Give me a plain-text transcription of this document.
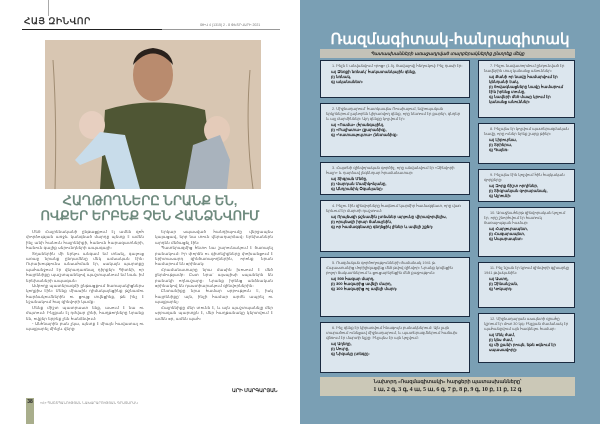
ՀԱՅ ԶԻՆՎՈՐ	ԹԻՎ 4 (1315) 2 - 8 ՓԵՏՐՎԱՐԻ 2021
ՀԱՂԹՈՂՆԵՐԸ ՆՐԱՆՔ ԵՆ,
ՈՎՔԵՐ ԵՐԲԵՔ ՉԵՆ ՀԱՆՁՆՎՈՒՄ

Մեծ Հայրենականի ընթացքում էլ ամեն զոհ փորձության առջև կանգնած մարդը պետք է ամեն ինչ անի հանուն հայրենիքի, հանուն հարազատների, հանուն գալիք սերունդների ապագայի։

Տղաներին մի երկու անգամ եմ տեսել, գալուց առաջ նրանք ընդամենը մեկ ամսական էին։ Ուրախությունս անսահման էր, սակայն պարտքը պահանջում էր վերադառնալ դիրքեր։ Գիտեի, որ հայրենիքը պաշտպանելով պաշտպանում եմ նաև իմ երեխաների ապագան։

Ամբողջ պատերազմի ընթացքում ծառայակիցներս կողքիս էին։ Մենք միասին դիմակայեցինք թշնամու հարձակումներին ու ցույց տվեցինք, թե ինչ է նշանակում հայ զինվորի կամք։

Մենք միշտ պատրաստ ենք, ասում է նա ու ժպտում։ Ինչքան էլ դժվար լինի, հաղթողները նրանք են, ովքեր երբեք չեն հանձնվում։

- Անհնարին բան չկա, պետք է միայն հավատալ ու պայքարել մինչև վերջ։

Երկար սպասված հանդիպումը վերջապես կայացավ, երբ նա տուն վերադարձավ։ Երեխաներն արդեն մեծացել էին։

Պատերազմից հետո նա շարունակում է ծառայել բանակում։ Իր փորձն ու գիտելիքները փոխանցում է երիտասարդ զինծառայողներին, որոնք նրան համարում են օրինակ։

Հրամանատարը նրա մասին խոսում է մեծ ջերմությամբ։ Ըստ նրա՝ այսպիսի սպաներն են բանակի ողնաշարը։ Նրանք իրենց անձնական օրինակով են դաստիարակում զինվորներին։

Ընտանիքը նրա համար սրբություն է, իսկ հայրենիքը՝ այն, ինչի համար արժե ապրել ու պայքարել։

Հայրենիքը մեր տունն է, և այն պաշտպանելը մեր սրբազան պարտքն է, մեր հաղթանակը կերտվում է ամեն օր, ամեն պահ։

ԱՐԻ ՄԱՐԳԱՐՅԱՆ
38	«Հ» ՊԱՇՏՊԱՆՈՒԹՅԱՆ ՆԱԽԱՐԱՐՈՒԹՅԱՆ ԳՐԱՏԱՐԱԿ
Ռազմագիտակ-հանրագիտակ
Պատասխանների առաջադրված տարբերակներից ընտրեք մեկը
1. Ինչն է անվանվում «բոց» (1.5լ. ծավալով) հեղուկով։ Ինչ դասի էր։
ա) Ձեռքի նռնակ՝ հակատանկային զենք,
բ) նռնակ,
գ) ականանետ:
2. Միջնադարում՝ հատկապես Ռուսիայում, եվրոպական երկրներում լայնորեն կիրառվող զենք, որը նետում էր քարեր, գնդեր և այլ մարմիններ։ Այդ զենքը կոչվում էր։
ա) «Ռամա» (հրաձգային),
բ) «Բալիստա» (քարաձիգ),
գ) «Կատապուլտա» (նետաձիգ):
3. Հայտնի զինվորական գործիչ, որը անվանվում էր «Զինվորի հայր» և դարձավ լեգենդար հրամանատար։
ա) Տիգրան Մեծը,
բ) Վարդան Մամիկոնյանը,
գ) Անդրանիկ Օզանյանը:
4. Ինչու էին զինվորները հագնում կարմիր համազգեստ, որը վառ երևում էր մարտի դաշտում։
ա) Որպեսզի թշնամին չտեսներ արյունը վիրավորվելիս,
բ) որպեսզի իրար ճանաչեին,
գ) որ համազգեստը գեղեցիկ լիներ և ավելի շքեղ:
5. Ռազմական գործողությունների ժամանակ 1941 թ. Հայաստանից մոբիլիզացվեց մեծ թվով զինվոր։ Նրանք կռվեցին բոլոր ճակատներում և ցուցաբերեցին մեծ քաջություն։
ա) 500 հազար մարդ,
բ) 300 հազարից ավելի մարդ,
գ) 100 հազարից ոչ ավելի մարդ:
6. Ինչ զենք էր կիրառվում հնագույն բանակներում։ Այն լայն տարածում ունեցավ միջնադարում, և պատերազմներում հաճախ վճռում էր մարտի ելքը։ Ինչպես էր այն կոչվում։
ա) Աղեղը,
բ) Սուրը,
գ) Նիզակը (տեգը):
7. Ինչու նավատորմում ընդունված էր նավերին տալ կանանց անուններ։
ա) Քանի որ նավը համարվում էր կենդանի էակ,
բ) ծովագնացները նավը համարում էին իրենց տունը,
գ) նավերի մեծ մասը կրում էր կանանց անուններ:
8. Ինչպես էր կոչվում պատերազմական նավը, որը ուներ երեք շարք թիեր։
ա) Լիբուրնա,
բ) Տրիերա,
գ) Գալեռ:
9. Ինչպես էին կոչվում հին հայկական զորքերը։
ա) Զորք ճիշտ որդիներ,
բ) Տիգրանյան զորաբանակ,
գ) Այրուձի:
10. Առաջնահերթ զինվորական կոչում էր, որը շնորհվում էր հատուկ ծառայության համար։
ա) Հարյուրապետ,
բ) Հազարապետ,
գ) Սպարապետ:
11. Ինչ նշան էր կրում զինվորի գլխարկը 1941 թվականին։
ա) Աստղ,
բ) Զինանշան,
գ) Կոկարդ:
12. Միջնադարյան ասպետի զրահը կշռում էր մոտ 30 կգ։ Ինչքան ժամանակ էր պահանջվում այն հագնելու համար։
ա) Մեկ ժամ,
բ) կես ժամ,
գ) մի քանի րոպե, եթե օգնում էր սպասավորը:
Նախորդ «Ռազմագիտակի» հարցերի պատասխանները՝
1 ա, 2 գ, 3 գ, 4 ա, 5 ա, 6 գ, 7 բ, 8 բ, 9 գ, 10 բ, 11 բ, 12 գ
